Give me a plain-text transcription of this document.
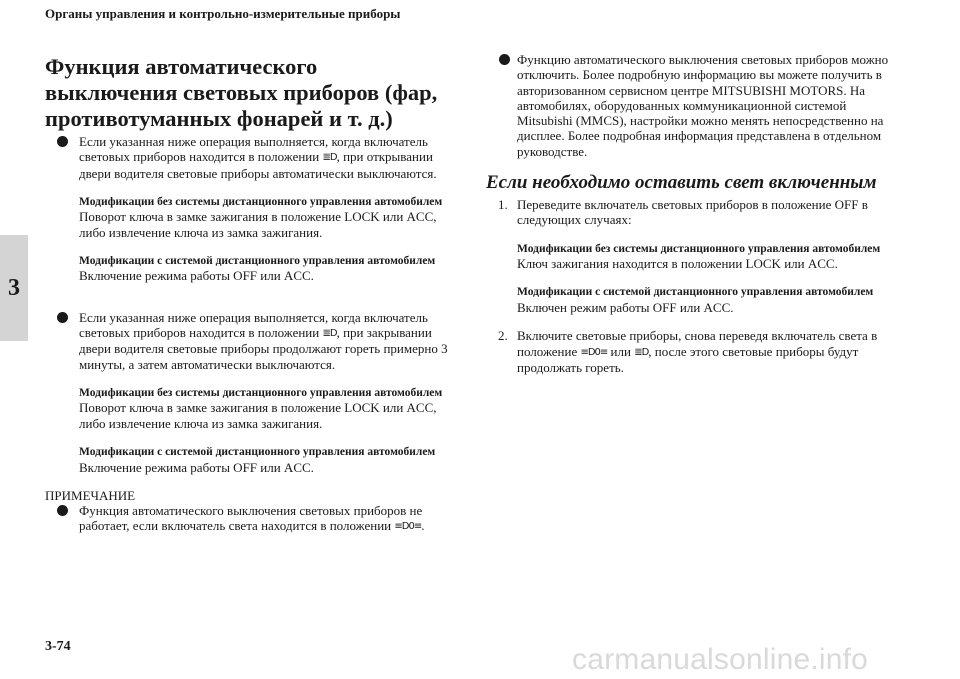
Органы управления и контрольно-измерительные приборы
3
Функция автоматического выключения световых приборов (фар, противотуманных фонарей и т. д.)

Если указанная ниже операция выполняется, когда включатель световых приборов находится в положении ≣D, при открывании двери водителя световые приборы автоматически выключаются.

Модификации без системы дистанционного управления автомобилем

Поворот ключа в замке зажигания в положение LOCK или ACC, либо извлечение ключа из замка зажигания.

Модификации с системой дистанционного управления автомобилем

Включение режима работы OFF или ACC.

Если указанная ниже операция выполняется, когда включатель световых приборов находится в положении ≣D, при закрывании двери водителя световые приборы продолжают гореть примерно 3 минуты, а затем автоматически выключаются.

Модификации без системы дистанционного управления автомобилем

Поворот ключа в замке зажигания в положение LOCK или ACC, либо извлечение ключа из замка зажигания.

Модификации с системой дистанционного управления автомобилем

Включение режима работы OFF или ACC.

ПРИМЕЧАНИЕ

Функция автоматического выключения световых приборов не работает, если включатель света находится в положении ≡D0≡.

Функцию автоматического выключения световых приборов можно отключить. Более подробную информацию вы можете получить в авторизованном сервисном центре MITSUBISHI MOTORS. На автомобилях, оборудованных коммуникационной системой Mitsubishi (MMCS), настройки можно менять непосредственно на дисплее. Более подробная информация представлена в отдельном руководстве.

Если необходимо оставить свет включенным
1. Переведите включатель световых приборов в положение OFF в следующих случаях:

Модификации без системы дистанционного управления автомобилем

Ключ зажигания находится в положении LOCK или ACC.

Модификации с системой дистанционного управления автомобилем

Включен режим работы OFF или ACC.

2. Включите световые приборы, снова переведя включатель света в положение ≡D0≡ или ≣D, после этого световые приборы будут продолжать гореть.

3-74	carmanualsonline.info
